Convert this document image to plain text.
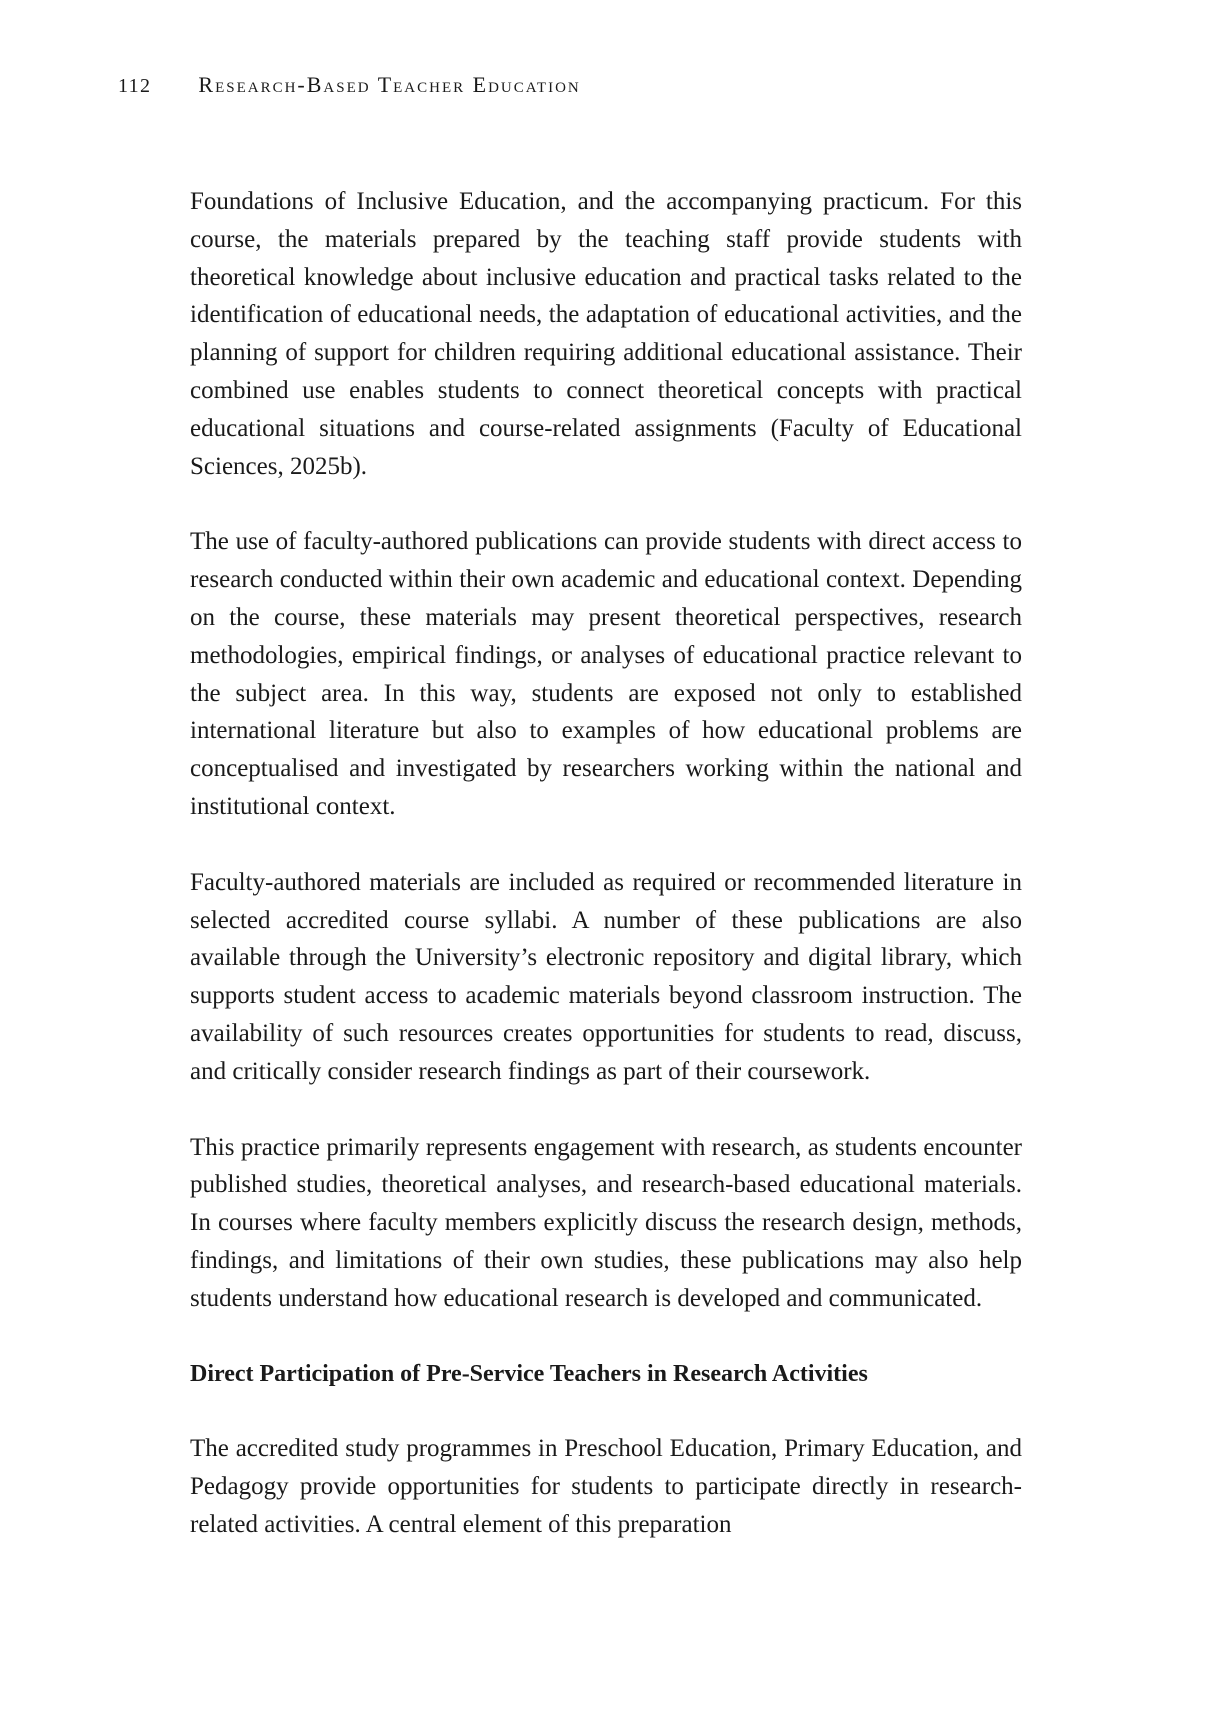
112 Research-Based Teacher Education

Foundations of Inclusive Education, and the accompanying practicum. For this course, the materials prepared by the teaching staff provide students with theoretical knowledge about inclusive education and practical tasks related to the identification of educational needs, the adaptation of educational activities, and the planning of support for children requiring additional educational assistance. Their combined use enables students to connect theoretical concepts with practical educational situations and course-related assignments (Faculty of Educational Sciences, 2025b).

The use of faculty-authored publications can provide students with direct access to research conducted within their own academic and educational context. Depending on the course, these materials may present theoretical perspectives, research methodologies, empirical findings, or analyses of educational practice relevant to the subject area. In this way, students are exposed not only to established international literature but also to examples of how educational problems are conceptualised and investigated by researchers working within the national and institutional context.

Faculty-authored materials are included as required or recommended literature in selected accredited course syllabi. A number of these publications are also available through the University’s electronic repository and digital library, which supports student access to academic materials beyond classroom instruction. The availability of such resources creates opportunities for students to read, discuss, and critically consider research findings as part of their coursework.

This practice primarily represents engagement with research, as students encounter published studies, theoretical analyses, and research-based educational materials. In courses where faculty members explicitly discuss the research design, methods, findings, and limitations of their own studies, these publications may also help students understand how educational research is developed and communicated.

Direct Participation of Pre-Service Teachers in Research Activities

The accredited study programmes in Preschool Education, Primary Education, and Pedagogy provide opportunities for students to participate directly in research-related activities. A central element of this preparation
